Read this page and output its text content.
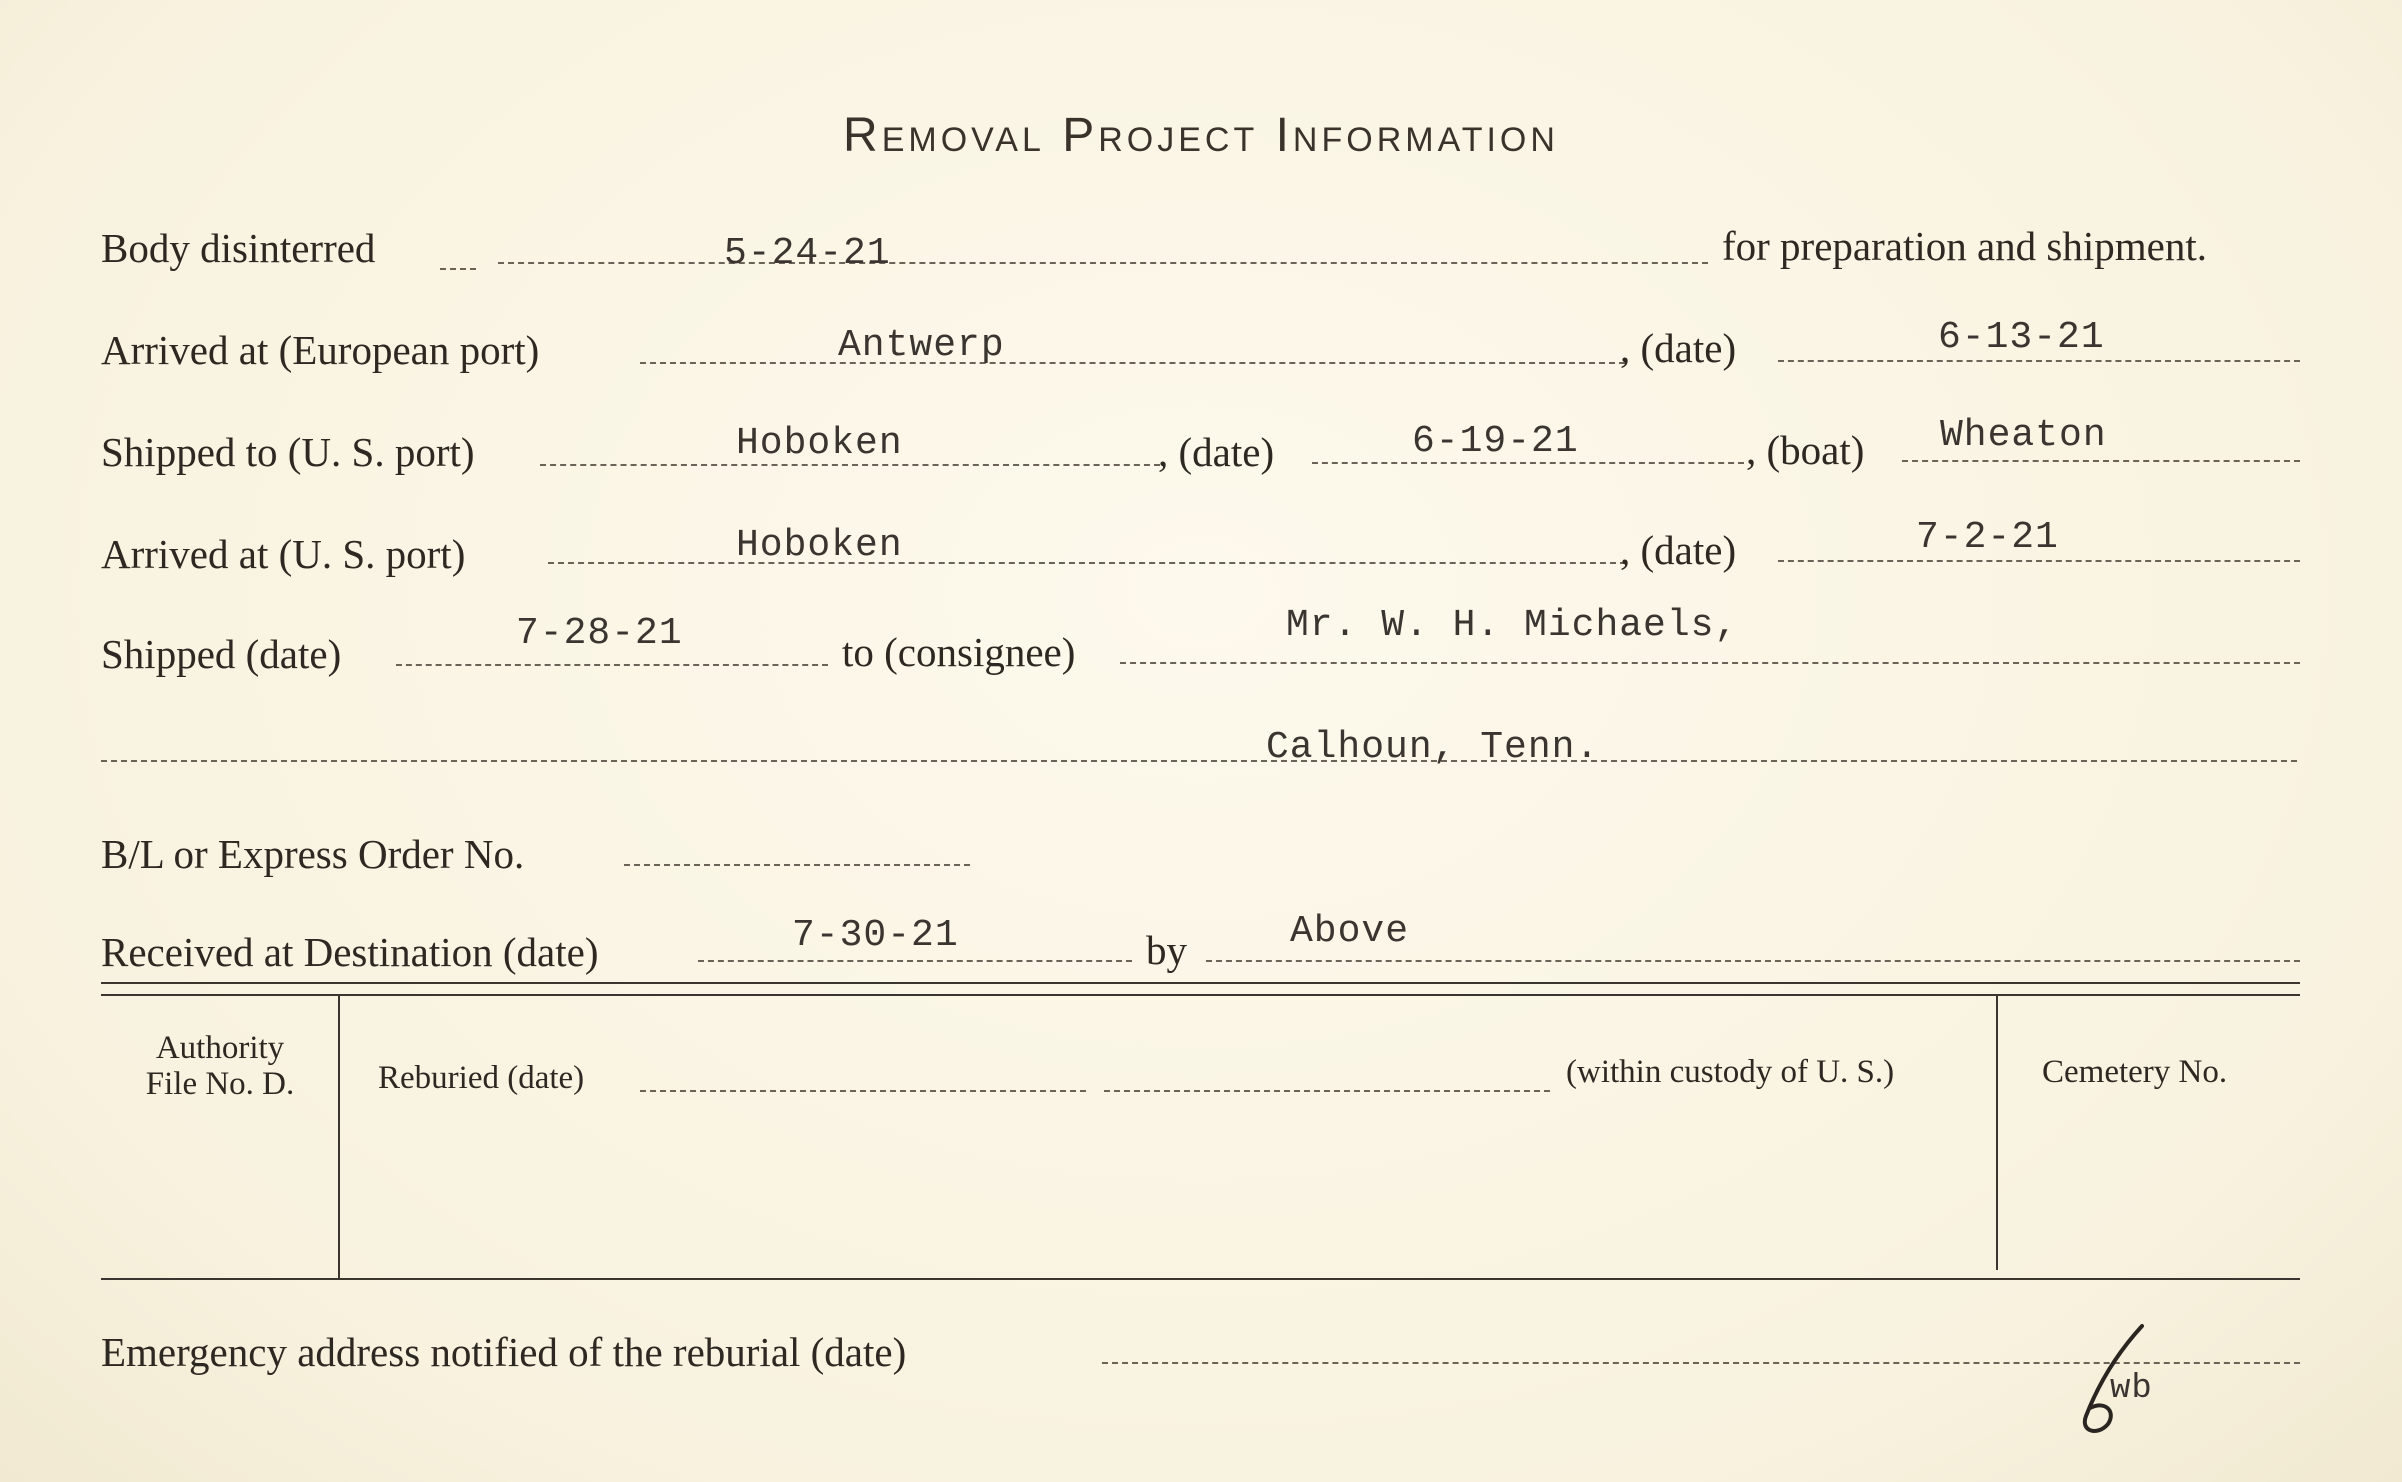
Removal Project Information
Body disinterred	5-24-21	for preparation and shipment.
Arrived at (European port)	Antwerp	, (date)	6-13-21
Shipped to (U. S. port)	Hoboken	, (date)	6-19-21	, (boat) Wheaton
Arrived at (U. S. port)	Hoboken	, (date)	7-2-21
Shipped (date)	7-28-21	to (consignee)
Mr. W. H. Michaels,
Calhoun, Tenn.
B/L or Express Order No.
Received at Destination (date)	7-30-21	by	Above
Authority
File No. D.	Reburied (date)	(within custody of U. S.)	Cemetery No.
Emergency address notified of the reburial (date)
wb
